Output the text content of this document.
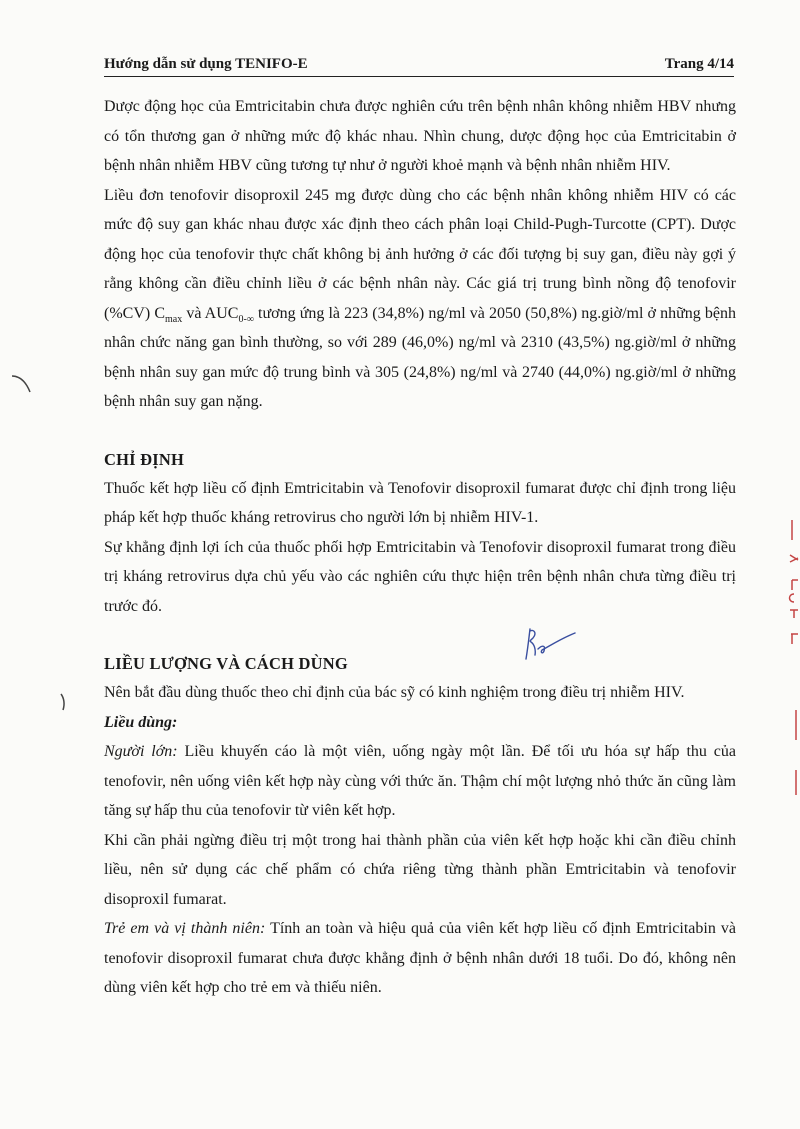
Hướng dẫn sử dụng TENIFO-E	Trang 4/14

Dược động học của Emtricitabin chưa được nghiên cứu trên bệnh nhân không nhiễm HBV nhưng có tổn thương gan ở những mức độ khác nhau. Nhìn chung, dược động học của Emtricitabin ở bệnh nhân nhiễm HBV cũng tương tự như ở người khoẻ mạnh và bệnh nhân nhiễm HIV.

Liều đơn tenofovir disoproxil 245 mg được dùng cho các bệnh nhân không nhiễm HIV có các mức độ suy gan khác nhau được xác định theo cách phân loại Child-Pugh-Turcotte (CPT). Dược động học của tenofovir thực chất không bị ảnh hưởng ở các đối tượng bị suy gan, điều này gợi ý rằng không cần điều chỉnh liều ở các bệnh nhân này. Các giá trị trung bình nồng độ tenofovir (%CV) $C_{max}$ và $AUC_{0-\infty}$ tương ứng là 223 (34,8%) ng/ml và 2050 (50,8%) ng.giờ/ml ở những bệnh nhân chức năng gan bình thường, so với 289 (46,0%) ng/ml và 2310 (43,5%) ng.giờ/ml ở những bệnh nhân suy gan mức độ trung bình và 305 (24,8%) ng/ml và 2740 (44,0%) ng.giờ/ml ở những bệnh nhân suy gan nặng.

CHỈ ĐỊNH

Thuốc kết hợp liều cố định Emtricitabin và Tenofovir disoproxil fumarat được chỉ định trong liệu pháp kết hợp thuốc kháng retrovirus cho người lớn bị nhiễm HIV-1.

Sự khẳng định lợi ích của thuốc phối hợp Emtricitabin và Tenofovir disoproxil fumarat trong điều trị kháng retrovirus dựa chủ yếu vào các nghiên cứu thực hiện trên bệnh nhân chưa từng điều trị trước đó.

LIỀU LƯỢNG VÀ CÁCH DÙNG

Nên bắt đầu dùng thuốc theo chỉ định của bác sỹ có kinh nghiệm trong điều trị nhiễm HIV.

Liều dùng:

Người lớn: Liều khuyến cáo là một viên, uống ngày một lần. Để tối ưu hóa sự hấp thu của tenofovir, nên uống viên kết hợp này cùng với thức ăn. Thậm chí một lượng nhỏ thức ăn cũng làm tăng sự hấp thu của tenofovir từ viên kết hợp.

Khi cần phải ngừng điều trị một trong hai thành phần của viên kết hợp hoặc khi cần điều chỉnh liều, nên sử dụng các chế phẩm có chứa riêng từng thành phần Emtricitabin và tenofovir disoproxil fumarat.

Trẻ em và vị thành niên: Tính an toàn và hiệu quả của viên kết hợp liều cố định Emtricitabin và tenofovir disoproxil fumarat chưa được khẳng định ở bệnh nhân dưới 18 tuổi. Do đó, không nên dùng viên kết hợp cho trẻ em và thiếu niên.
